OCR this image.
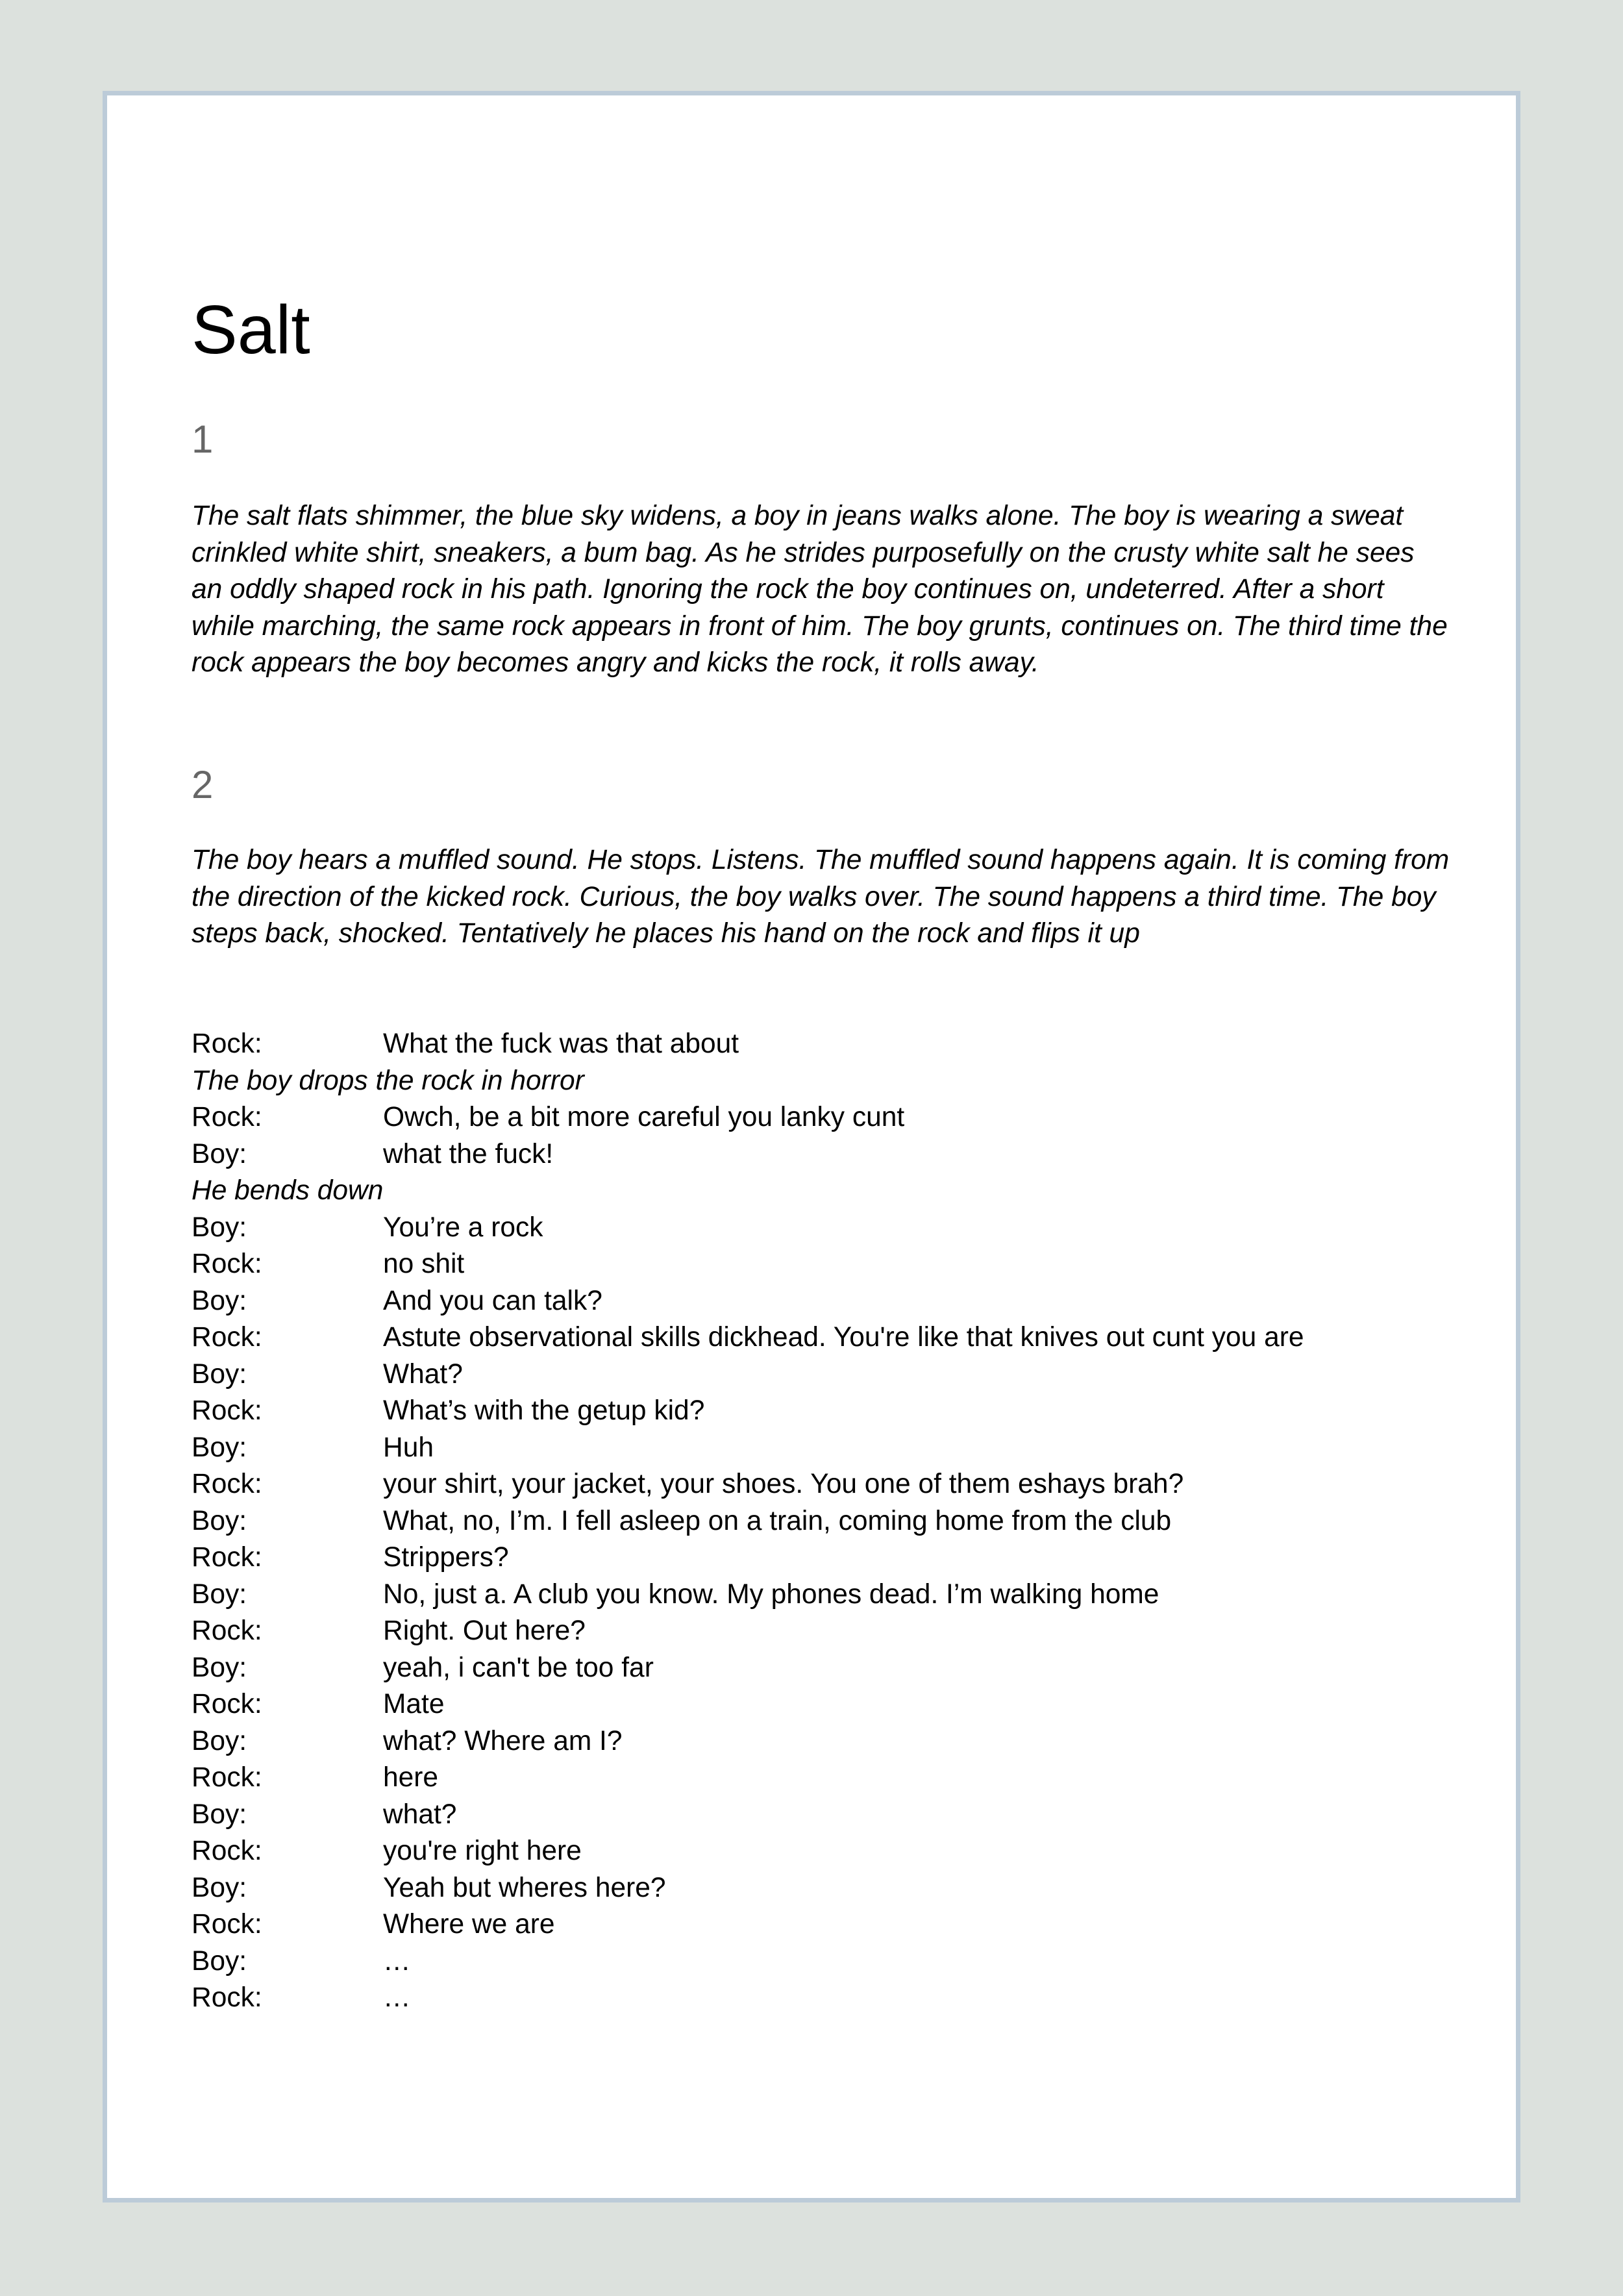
Salt
1

The salt flats shimmer, the blue sky widens, a boy in jeans walks alone. The boy is wearing a sweat crinkled white shirt, sneakers, a bum bag. As he strides purposefully on the crusty white salt he sees an oddly shaped rock in his path. Ignoring the rock the boy continues on, undeterred. After a short while marching, the same rock appears in front of him. The boy grunts, continues on. The third time the rock appears the boy becomes angry and kicks the rock, it rolls away.

2

The boy hears a muffled sound. He stops. Listens. The muffled sound happens again. It is coming from the direction of the kicked rock. Curious, the boy walks over. The sound happens a third time. The boy steps back, shocked. Tentatively he places his hand on the rock and flips it up

Rock:	What the fuck was that about
The boy drops the rock in horror
Rock:	Owch, be a bit more careful you lanky cunt
Boy:	what the fuck!
He bends down
Boy:	You’re a rock
Rock:	no shit
Boy:	And you can talk?
Rock:	Astute observational skills dickhead. You're like that knives out cunt you are
Boy:	What?
Rock:	What’s with the getup kid?
Boy:	Huh
Rock:	your shirt, your jacket, your shoes. You one of them eshays brah?
Boy:	What, no, I’m. I fell asleep on a train, coming home from the club
Rock:	Strippers?
Boy:	No, just a. A club you know. My phones dead. I’m walking home
Rock:	Right. Out here?
Boy:	yeah, i can't be too far
Rock:	Mate
Boy:	what? Where am I?
Rock:	here
Boy:	what?
Rock:	you're right here
Boy:	Yeah but wheres here?
Rock:	Where we are
Boy:	…
Rock:	…
